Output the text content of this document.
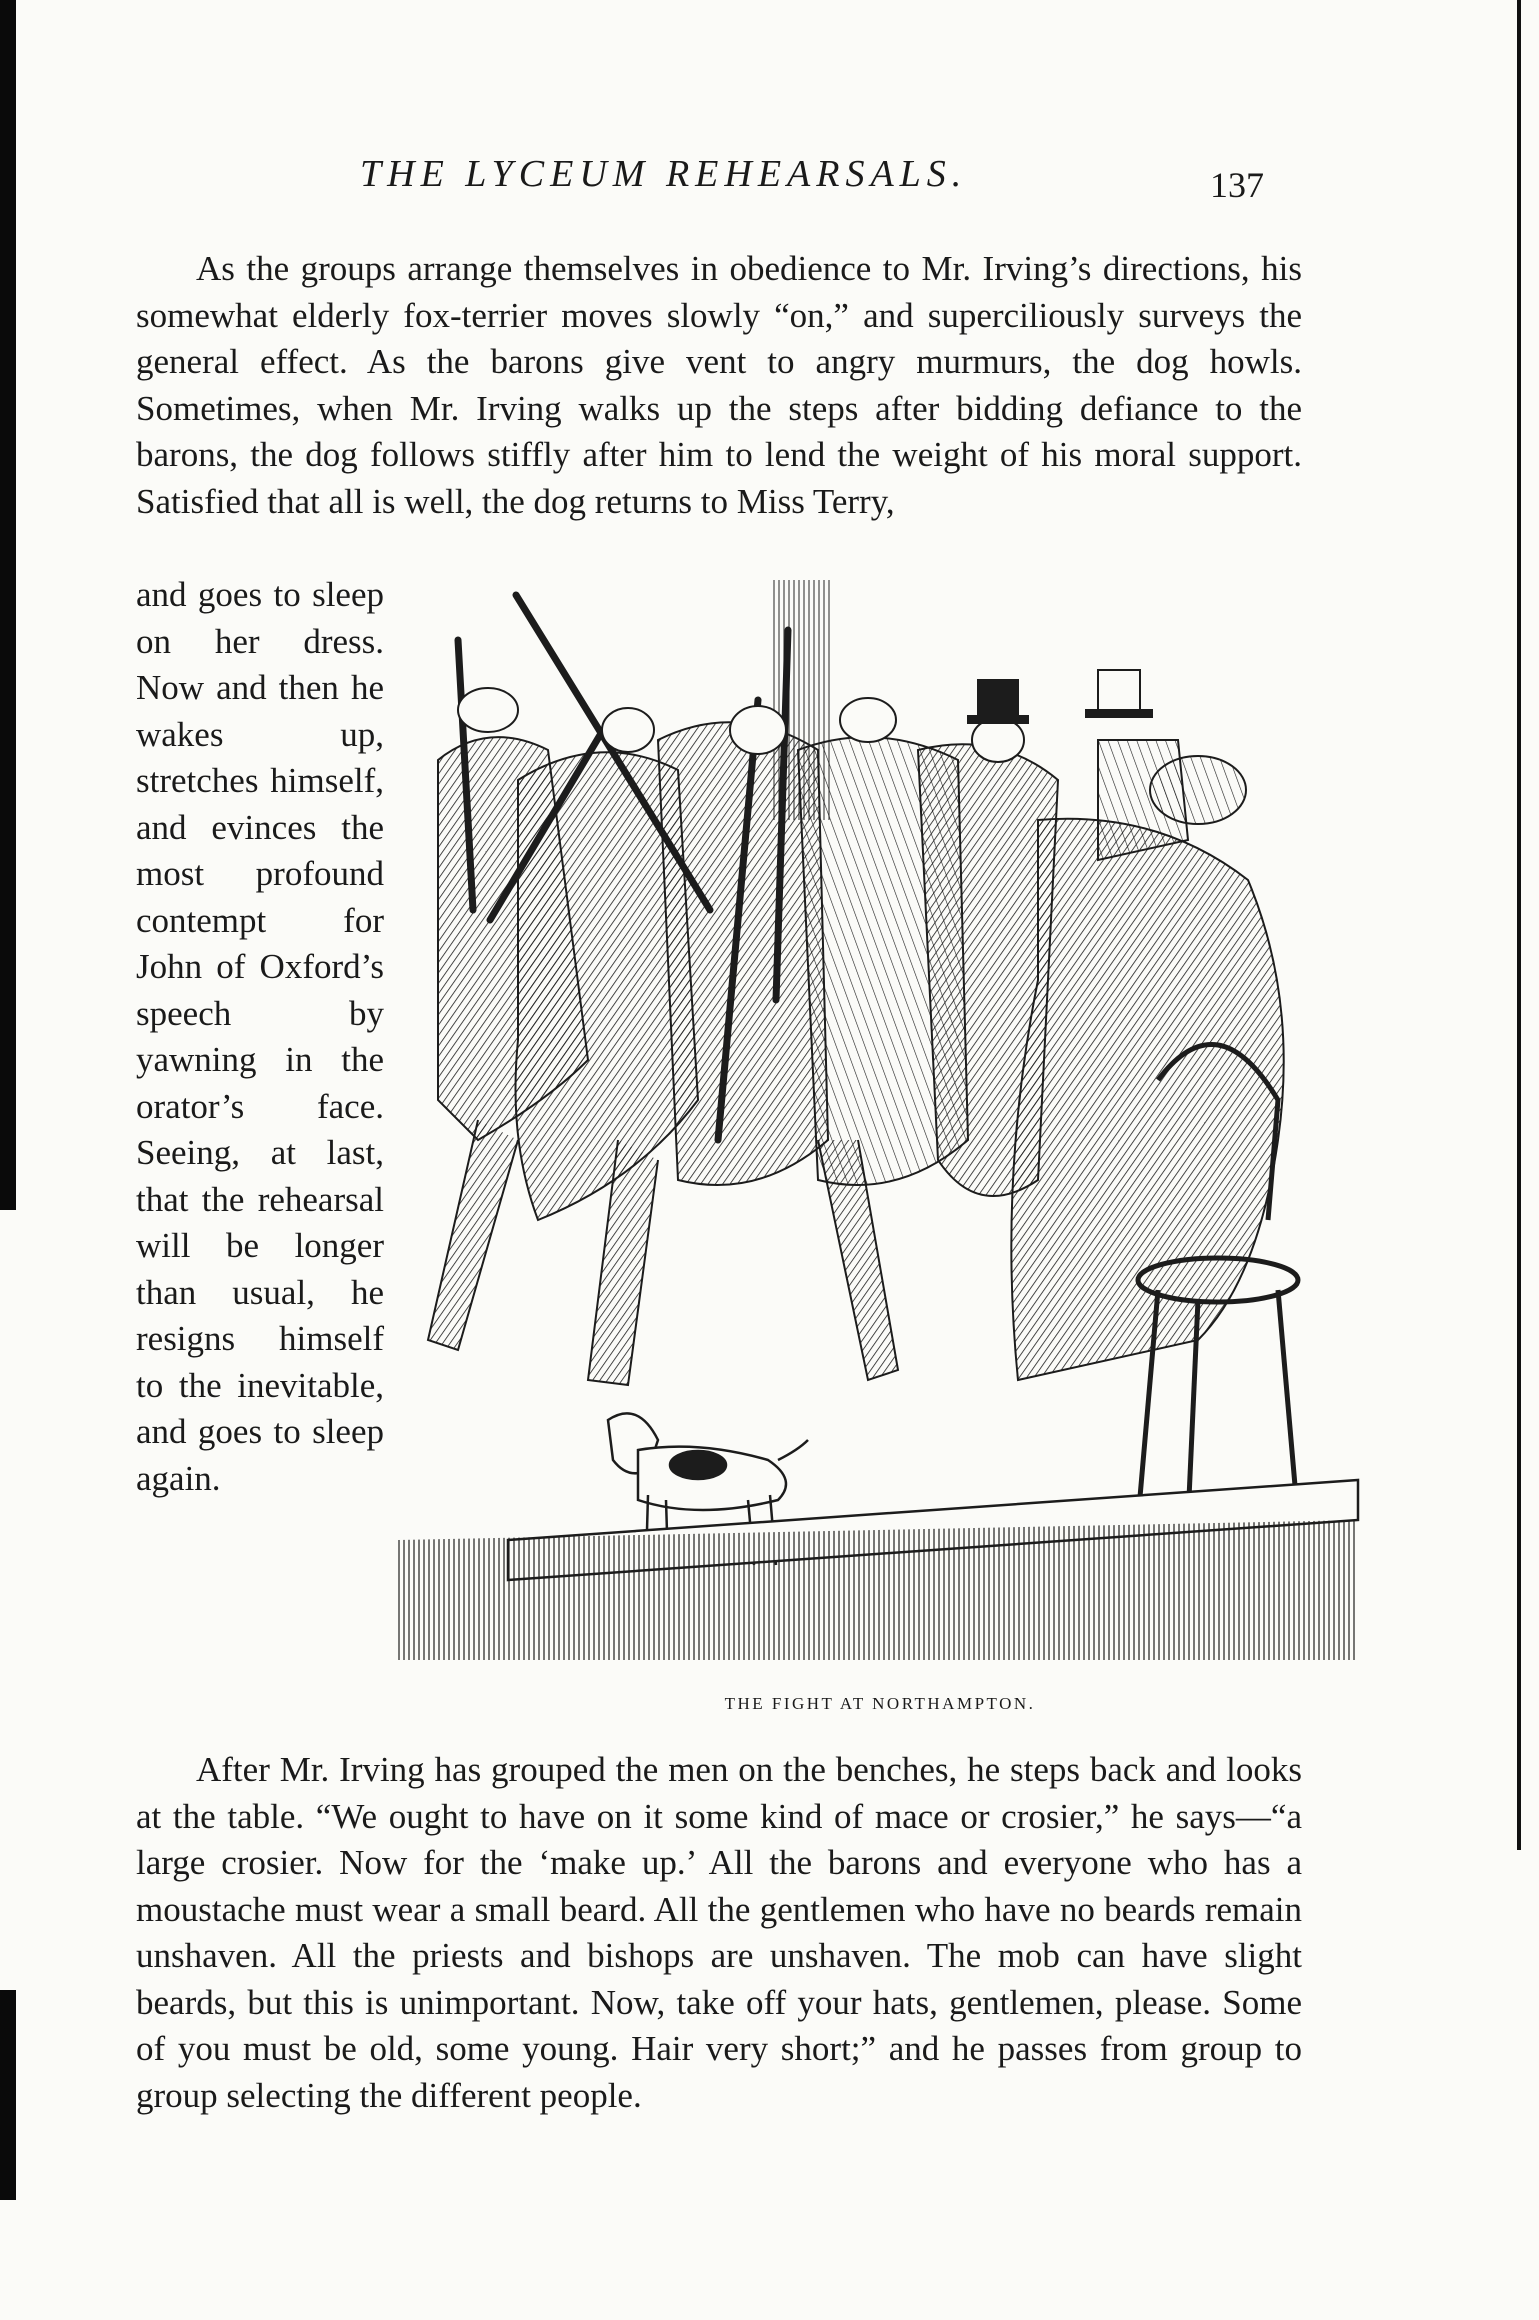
THE LYCEUM REHEARSALS.	137
As the groups arrange themselves in obedience to Mr. Irving’s directions, his somewhat elderly fox-terrier moves slowly “on,” and superciliously surveys the general effect. As the barons give vent to angry murmurs, the dog howls. Sometimes, when Mr. Irving walks up the steps after bidding defiance to the barons, the dog follows stiffly after him to lend the weight of his moral support. Satisfied that all is well, the dog returns to Miss Terry,
and goes to sleep on her dress. Now and then he wakes up, stretches himself, and evinces the most profound contempt for John of Oxford’s speech by yawning in the orator’s face. Seeing, at last, that the rehearsal will be longer than usual, he resigns himself to the inevitable, and goes to sleep again.
THE FIGHT AT NORTHAMPTON.
After Mr. Irving has grouped the men on the benches, he steps back and looks at the table. “We ought to have on it some kind of mace or crosier,” he says—“a large crosier. Now for the ‘make up.’ All the barons and everyone who has a moustache must wear a small beard. All the gentlemen who have no beards remain unshaven. All the priests and bishops are unshaven. The mob can have slight beards, but this is unimportant. Now, take off your hats, gentlemen, please. Some of you must be old, some young. Hair very short;” and he passes from group to group selecting the different people.
